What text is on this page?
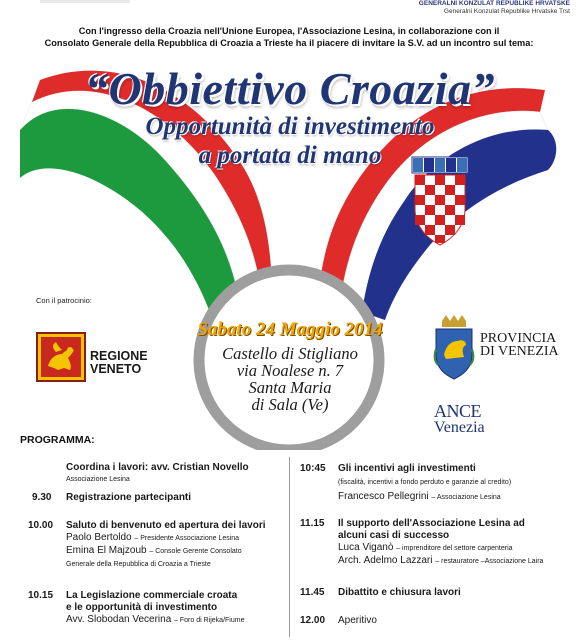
GENERALNI KONZULAT REPUBLIKE HRVATSKE
Generalni Konzulat Republike Hrvatske Trst
Con l'ingresso della Croazia nell'Unione Europea, l'Associazione Lesina, in collaborazione con il
Consolato Generale della Repubblica di Croazia a Trieste ha il piacere di invitare la S.V. ad un incontro sul tema:
“Obbiettivo Croazia”
Opportunità di investimento
a portata di mano
Sabato 24 Maggio 2014
Castello di Stigliano
via Noalese n. 7
Santa Maria
di Sala (Ve)
Con il patrocinio:
REGIONE
VENETO
PROVINCIA
DI VENEZIA
ANCE
Venezia
PROGRAMMA:
Coordina i lavori: avv. Cristian Novello
Associazione Lesina
9.30 Registrazione partecipanti
10.00 Saluto di benvenuto ed apertura dei lavori
Paolo Bertoldo – Presidente Associazione Lesina
Emina El Majzoub – Console Gerente Consolato
Generale della Repubblica di Croazia a Trieste
10.15 La Legislazione commerciale croata
e le opportunità di investimento
Avv. Slobodan Vecerina – Foro di Rijeka/Fiume
10:45 Gli incentivi agli investimenti
(fiscalità, incentivi a fondo perduto e garanzie al credito)
Francesco Pellegrini – Associazione Lesina
11.15 Il supporto dell'Associazione Lesina ad
alcuni casi di successo
Luca Viganò – imprenditore del settore carpenteria
Arch. Adelmo Lazzari – restauratore –Associazione Laira
11.45 Dibattito e chiusura lavori
12.00 Aperitivo
